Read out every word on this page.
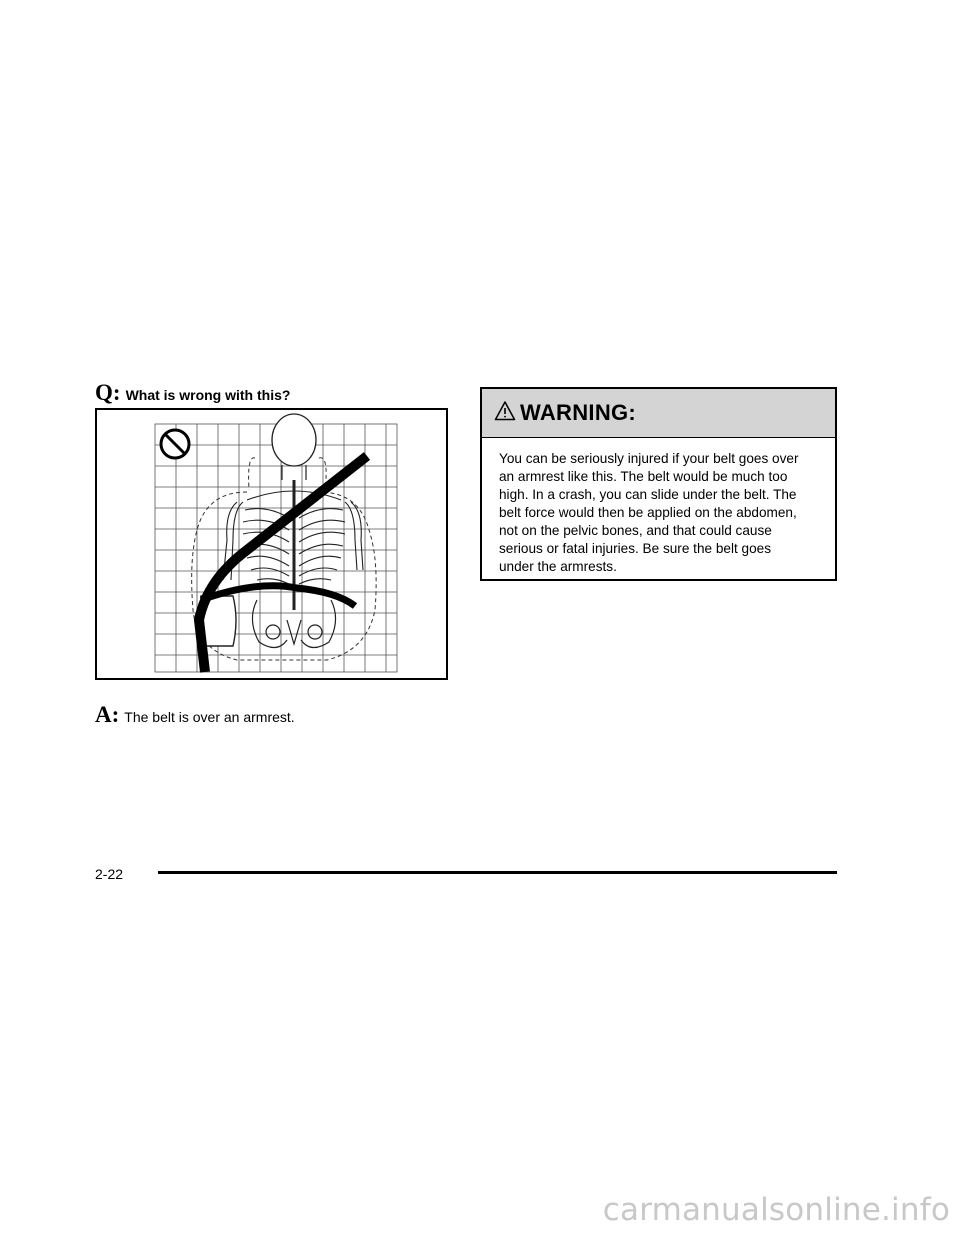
Q: What is wrong with this?
A: The belt is over an armrest.
WARNING:
You can be seriously injured if your belt goes over
an armrest like this. The belt would be much too
high. In a crash, you can slide under the belt. The
belt force would then be applied on the abdomen,
not on the pelvic bones, and that could cause
serious or fatal injuries. Be sure the belt goes
under the armrests.
2-22
carmanualsonline.info
